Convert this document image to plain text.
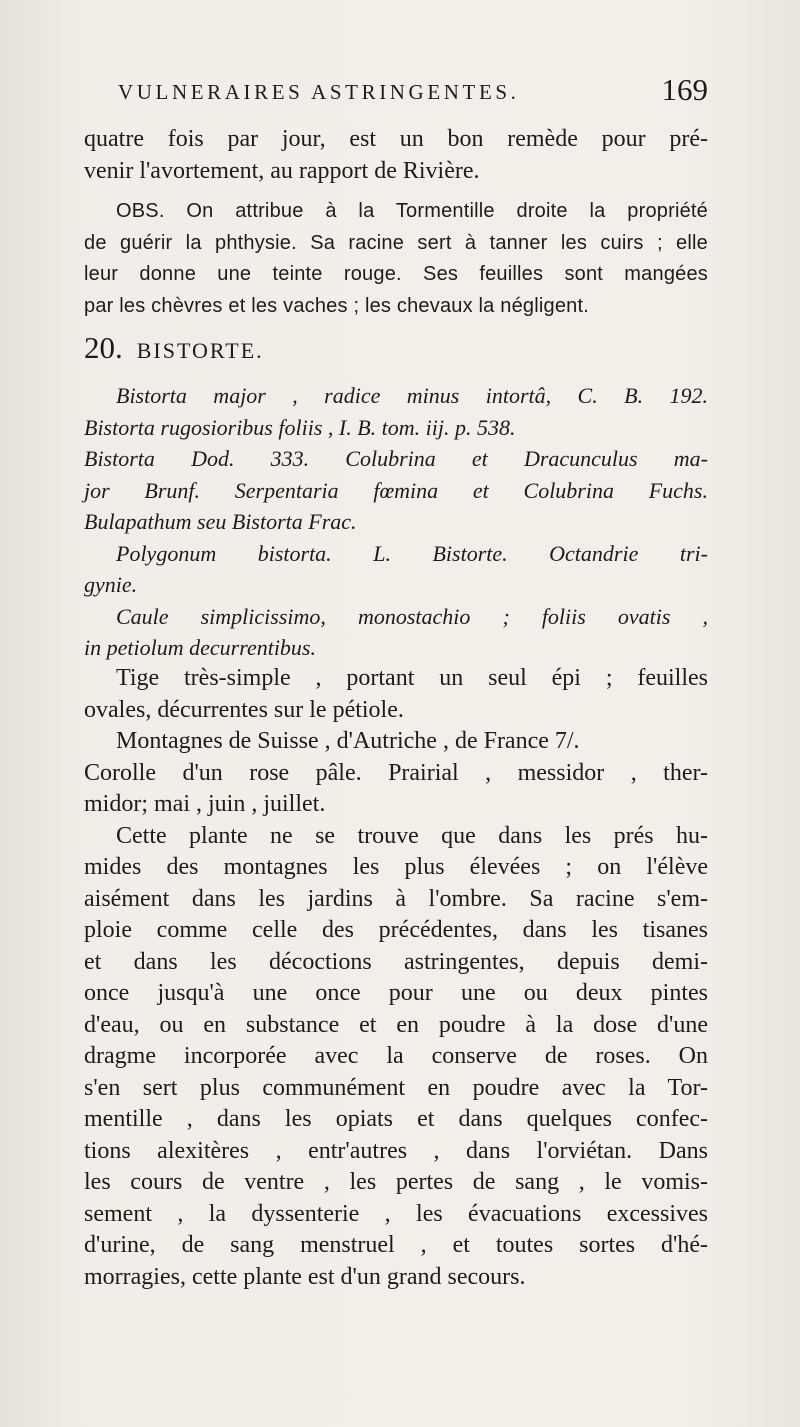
VULNERAIRES ASTRINGENTES.	169
quatre fois par jour, est un bon remède pour pré-
venir l'avortement, au rapport de Rivière.
OBS. On attribue à la Tormentille droite la propriété
de guérir la phthysie. Sa racine sert à tanner les cuirs ; elle
leur donne une teinte rouge. Ses feuilles sont mangées
par les chèvres et les vaches ; les chevaux la négligent.
20. BISTORTE.
Bistorta major , radice minus intortâ, C. B. 192.
Bistorta rugosioribus foliis , I. B. tom. iij. p. 538.
Bistorta Dod. 333. Colubrina et Dracunculus ma-
jor Brunf. Serpentaria fœmina et Colubrina Fuchs.
Bulapathum seu Bistorta Frac.
Polygonum bistorta. L. Bistorte. Octandrie tri-
gynie.
Caule simplicissimo, monostachio ; foliis ovatis ,
in petiolum decurrentibus.
Tige très-simple , portant un seul épi ; feuilles
ovales, décurrentes sur le pétiole.
Montagnes de Suisse , d'Autriche , de France 7/.
Corolle d'un rose pâle. Prairial , messidor , ther-
midor; mai , juin , juillet.
Cette plante ne se trouve que dans les prés hu-
mides des montagnes les plus élevées ; on l'élève
aisément dans les jardins à l'ombre. Sa racine s'em-
ploie comme celle des précédentes, dans les tisanes
et dans les décoctions astringentes, depuis demi-
once jusqu'à une once pour une ou deux pintes
d'eau, ou en substance et en poudre à la dose d'une
dragme incorporée avec la conserve de roses. On
s'en sert plus communément en poudre avec la Tor-
mentille , dans les opiats et dans quelques confec-
tions alexitères , entr'autres , dans l'orviétan. Dans
les cours de ventre , les pertes de sang , le vomis-
sement , la dyssenterie , les évacuations excessives
d'urine, de sang menstruel , et toutes sortes d'hé-
morragies, cette plante est d'un grand secours.
